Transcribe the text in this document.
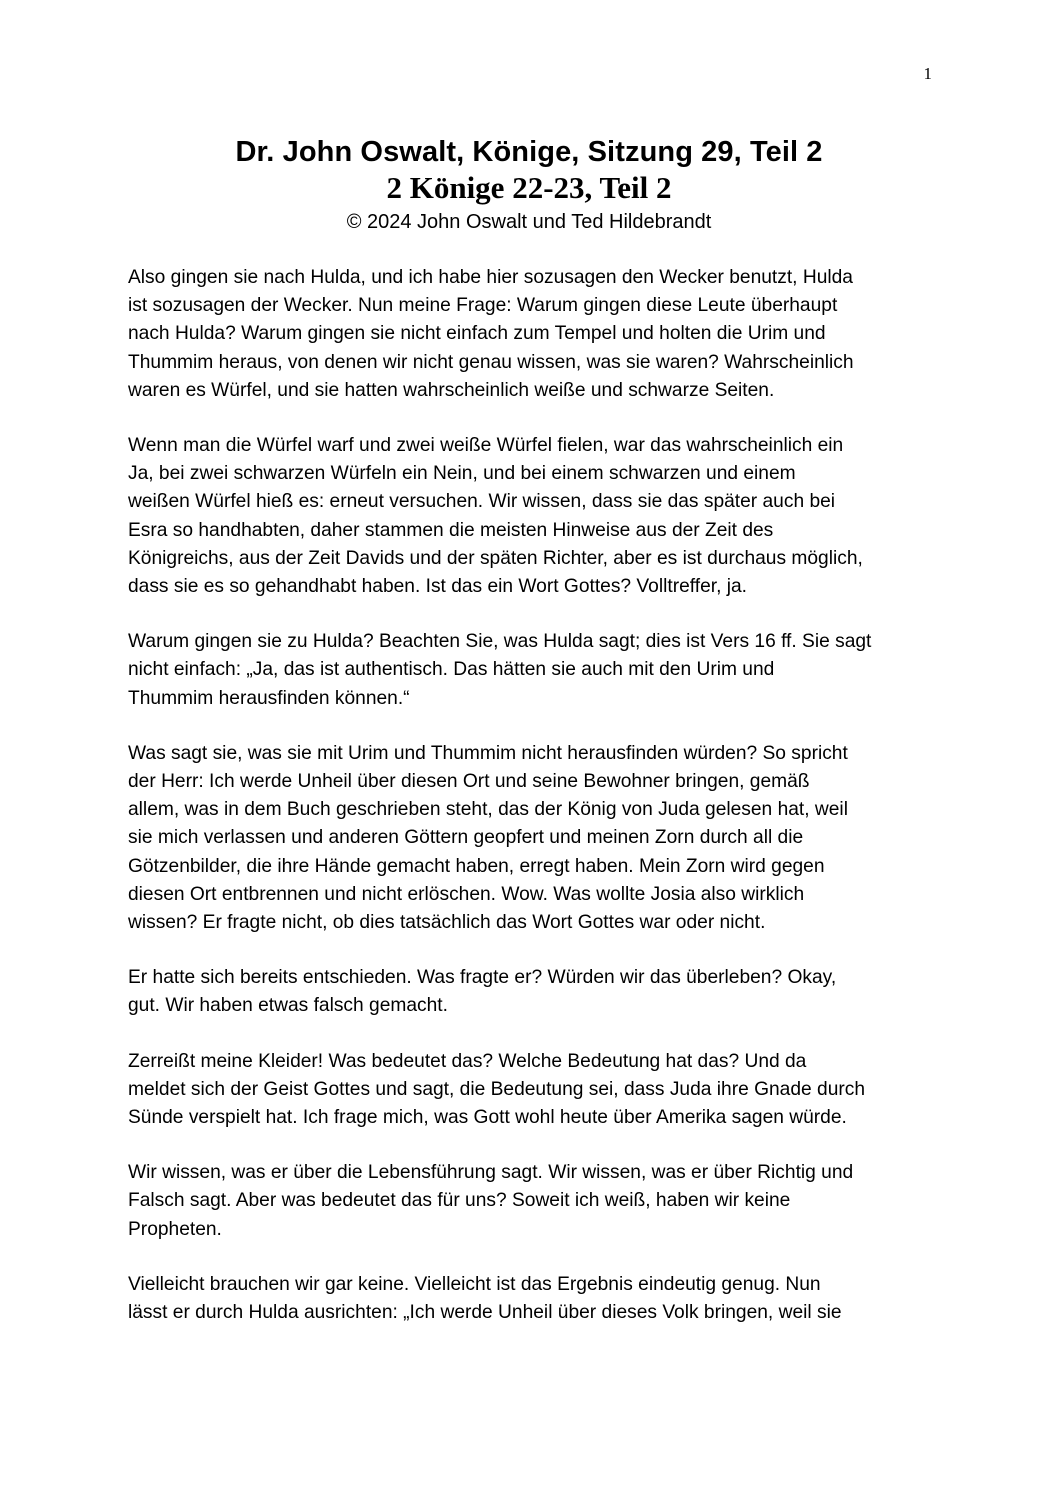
1
Dr. John Oswalt, Könige, Sitzung 29, Teil 2
2 Könige 22-23, Teil 2
© 2024 John Oswalt und Ted Hildebrandt

Also gingen sie nach Hulda, und ich habe hier sozusagen den Wecker benutzt, Hulda
ist sozusagen der Wecker. Nun meine Frage: Warum gingen diese Leute überhaupt
nach Hulda? Warum gingen sie nicht einfach zum Tempel und holten die Urim und
Thummim heraus, von denen wir nicht genau wissen, was sie waren? Wahrscheinlich
waren es Würfel, und sie hatten wahrscheinlich weiße und schwarze Seiten.

Wenn man die Würfel warf und zwei weiße Würfel fielen, war das wahrscheinlich ein
Ja, bei zwei schwarzen Würfeln ein Nein, und bei einem schwarzen und einem
weißen Würfel hieß es: erneut versuchen. Wir wissen, dass sie das später auch bei
Esra so handhabten, daher stammen die meisten Hinweise aus der Zeit des
Königreichs, aus der Zeit Davids und der späten Richter, aber es ist durchaus möglich,
dass sie es so gehandhabt haben. Ist das ein Wort Gottes? Volltreffer, ja.

Warum gingen sie zu Hulda? Beachten Sie, was Hulda sagt; dies ist Vers 16 ff. Sie sagt
nicht einfach: „Ja, das ist authentisch. Das hätten sie auch mit den Urim und
Thummim herausfinden können.“

Was sagt sie, was sie mit Urim und Thummim nicht herausfinden würden? So spricht
der Herr: Ich werde Unheil über diesen Ort und seine Bewohner bringen, gemäß
allem, was in dem Buch geschrieben steht, das der König von Juda gelesen hat, weil
sie mich verlassen und anderen Göttern geopfert und meinen Zorn durch all die
Götzenbilder, die ihre Hände gemacht haben, erregt haben. Mein Zorn wird gegen
diesen Ort entbrennen und nicht erlöschen. Wow. Was wollte Josia also wirklich
wissen? Er fragte nicht, ob dies tatsächlich das Wort Gottes war oder nicht.

Er hatte sich bereits entschieden. Was fragte er? Würden wir das überleben? Okay,
gut. Wir haben etwas falsch gemacht.

Zerreißt meine Kleider! Was bedeutet das? Welche Bedeutung hat das? Und da
meldet sich der Geist Gottes und sagt, die Bedeutung sei, dass Juda ihre Gnade durch
Sünde verspielt hat. Ich frage mich, was Gott wohl heute über Amerika sagen würde.

Wir wissen, was er über die Lebensführung sagt. Wir wissen, was er über Richtig und
Falsch sagt. Aber was bedeutet das für uns? Soweit ich weiß, haben wir keine
Propheten.

Vielleicht brauchen wir gar keine. Vielleicht ist das Ergebnis eindeutig genug. Nun
lässt er durch Hulda ausrichten: „Ich werde Unheil über dieses Volk bringen, weil sie
